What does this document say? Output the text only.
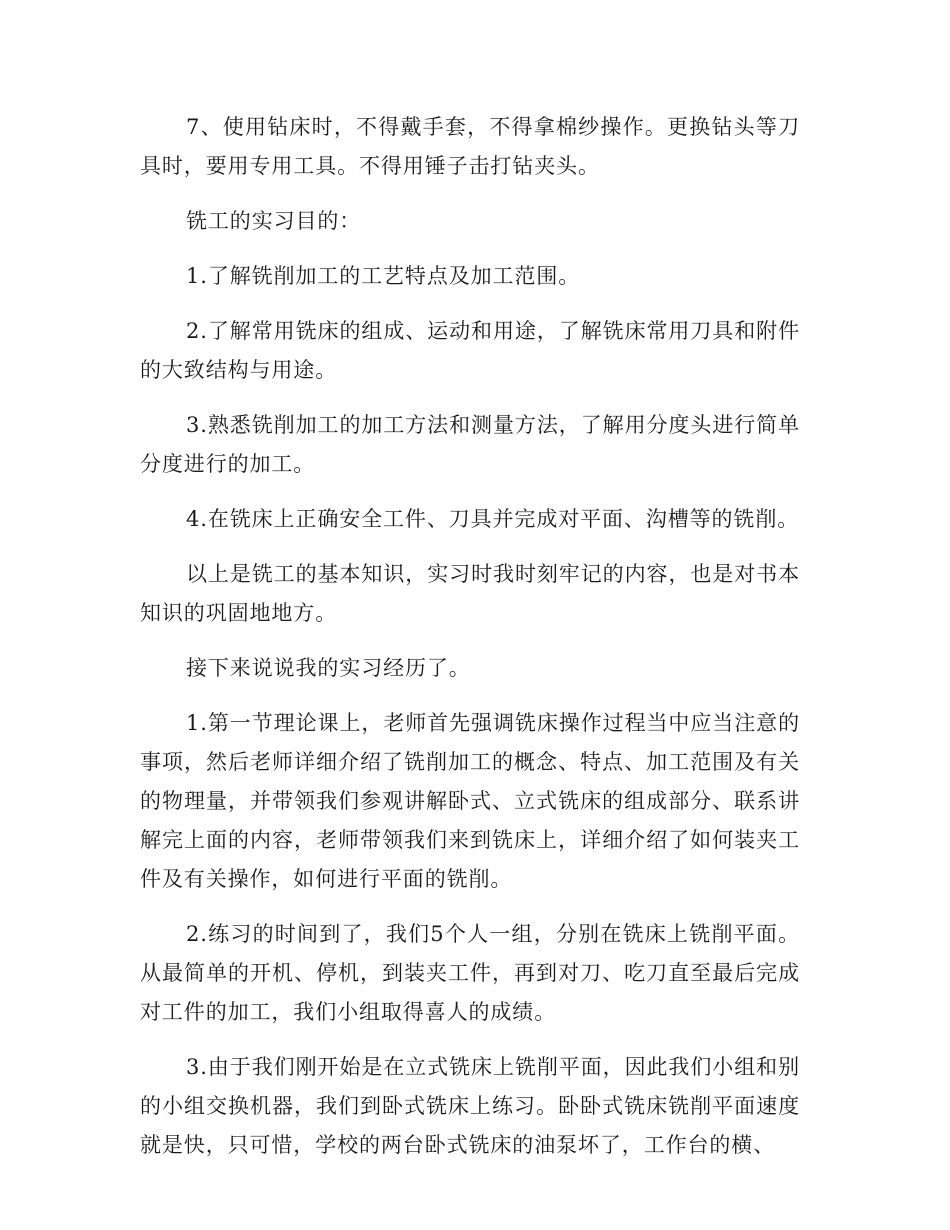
7、使用钻床时，不得戴手套，不得拿棉纱操作。更换钻头等刀具时，要用专用工具。不得用锤子击打钻夹头。

铣工的实习目的：

1.了解铣削加工的工艺特点及加工范围。

2.了解常用铣床的组成、运动和用途，了解铣床常用刀具和附件的大致结构与用途。

3.熟悉铣削加工的加工方法和测量方法，了解用分度头进行简单分度进行的加工。

4.在铣床上正确安全工件、刀具并完成对平面、沟槽等的铣削。

以上是铣工的基本知识，实习时我时刻牢记的内容，也是对书本知识的巩固地地方。

接下来说说我的实习经历了。

1.第一节理论课上，老师首先强调铣床操作过程当中应当注意的事项，然后老师详细介绍了铣削加工的概念、特点、加工范围及有关的物理量，并带领我们参观讲解卧式、立式铣床的组成部分、联系讲解完上面的内容，老师带领我们来到铣床上，详细介绍了如何装夹工件及有关操作，如何进行平面的铣削。

2.练习的时间到了，我们5个人一组，分别在铣床上铣削平面。从最简单的开机、停机，到装夹工件，再到对刀、吃刀直至最后完成对工件的加工，我们小组取得喜人的成绩。

3.由于我们刚开始是在立式铣床上铣削平面，因此我们小组和别的小组交换机器，我们到卧式铣床上练习。卧卧式铣床铣削平面速度就是快，只可惜，学校的两台卧式铣床的油泵坏了，工作台的横、
